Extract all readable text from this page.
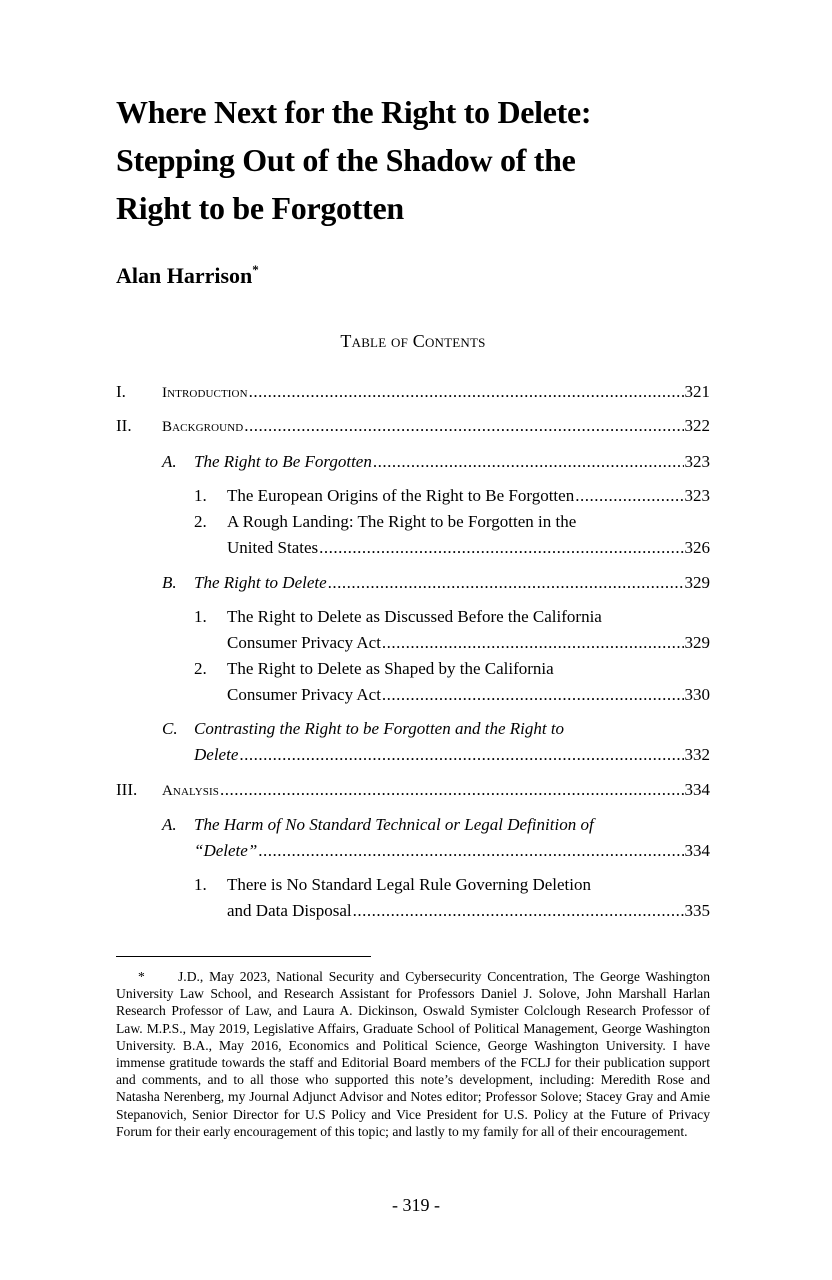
Where Next for the Right to Delete:
Stepping Out of the Shadow of the
Right to be Forgotten

Alan Harrison*

Table of Contents
I. Introduction .....	321
II. Background .....	322
A. The Right to Be Forgotten .....	323
1. The European Origins of the Right to Be Forgotten .....	323
2. A Rough Landing: The Right to be Forgotten in the
United States .....	326
B. The Right to Delete .....	329
1. The Right to Delete as Discussed Before the California
Consumer Privacy Act .....	329
2. The Right to Delete as Shaped by the California
Consumer Privacy Act .....	330
C. Contrasting the Right to be Forgotten and the Right to
Delete .....	332
III. Analysis .....	334
A. The Harm of No Standard Technical or Legal Definition of
“Delete” .....	334
1. There is No Standard Legal Rule Governing Deletion
and Data Disposal .....	335

* J.D., May 2023, National Security and Cybersecurity Concentration, The George Washington University Law School, and Research Assistant for Professors Daniel J. Solove, John Marshall Harlan Research Professor of Law, and Laura A. Dickinson, Oswald Symister Colclough Research Professor of Law. M.P.S., May 2019, Legislative Affairs, Graduate School of Political Management, George Washington University. B.A., May 2016, Economics and Political Science, George Washington University. I have immense gratitude towards the staff and Editorial Board members of the FCLJ for their publication support and comments, and to all those who supported this note’s development, including: Meredith Rose and Natasha Nerenberg, my Journal Adjunct Advisor and Notes editor; Professor Solove; Stacey Gray and Amie Stepanovich, Senior Director for U.S Policy and Vice President for U.S. Policy at the Future of Privacy Forum for their early encouragement of this topic; and lastly to my family for all of their encouragement.

- 319 -
